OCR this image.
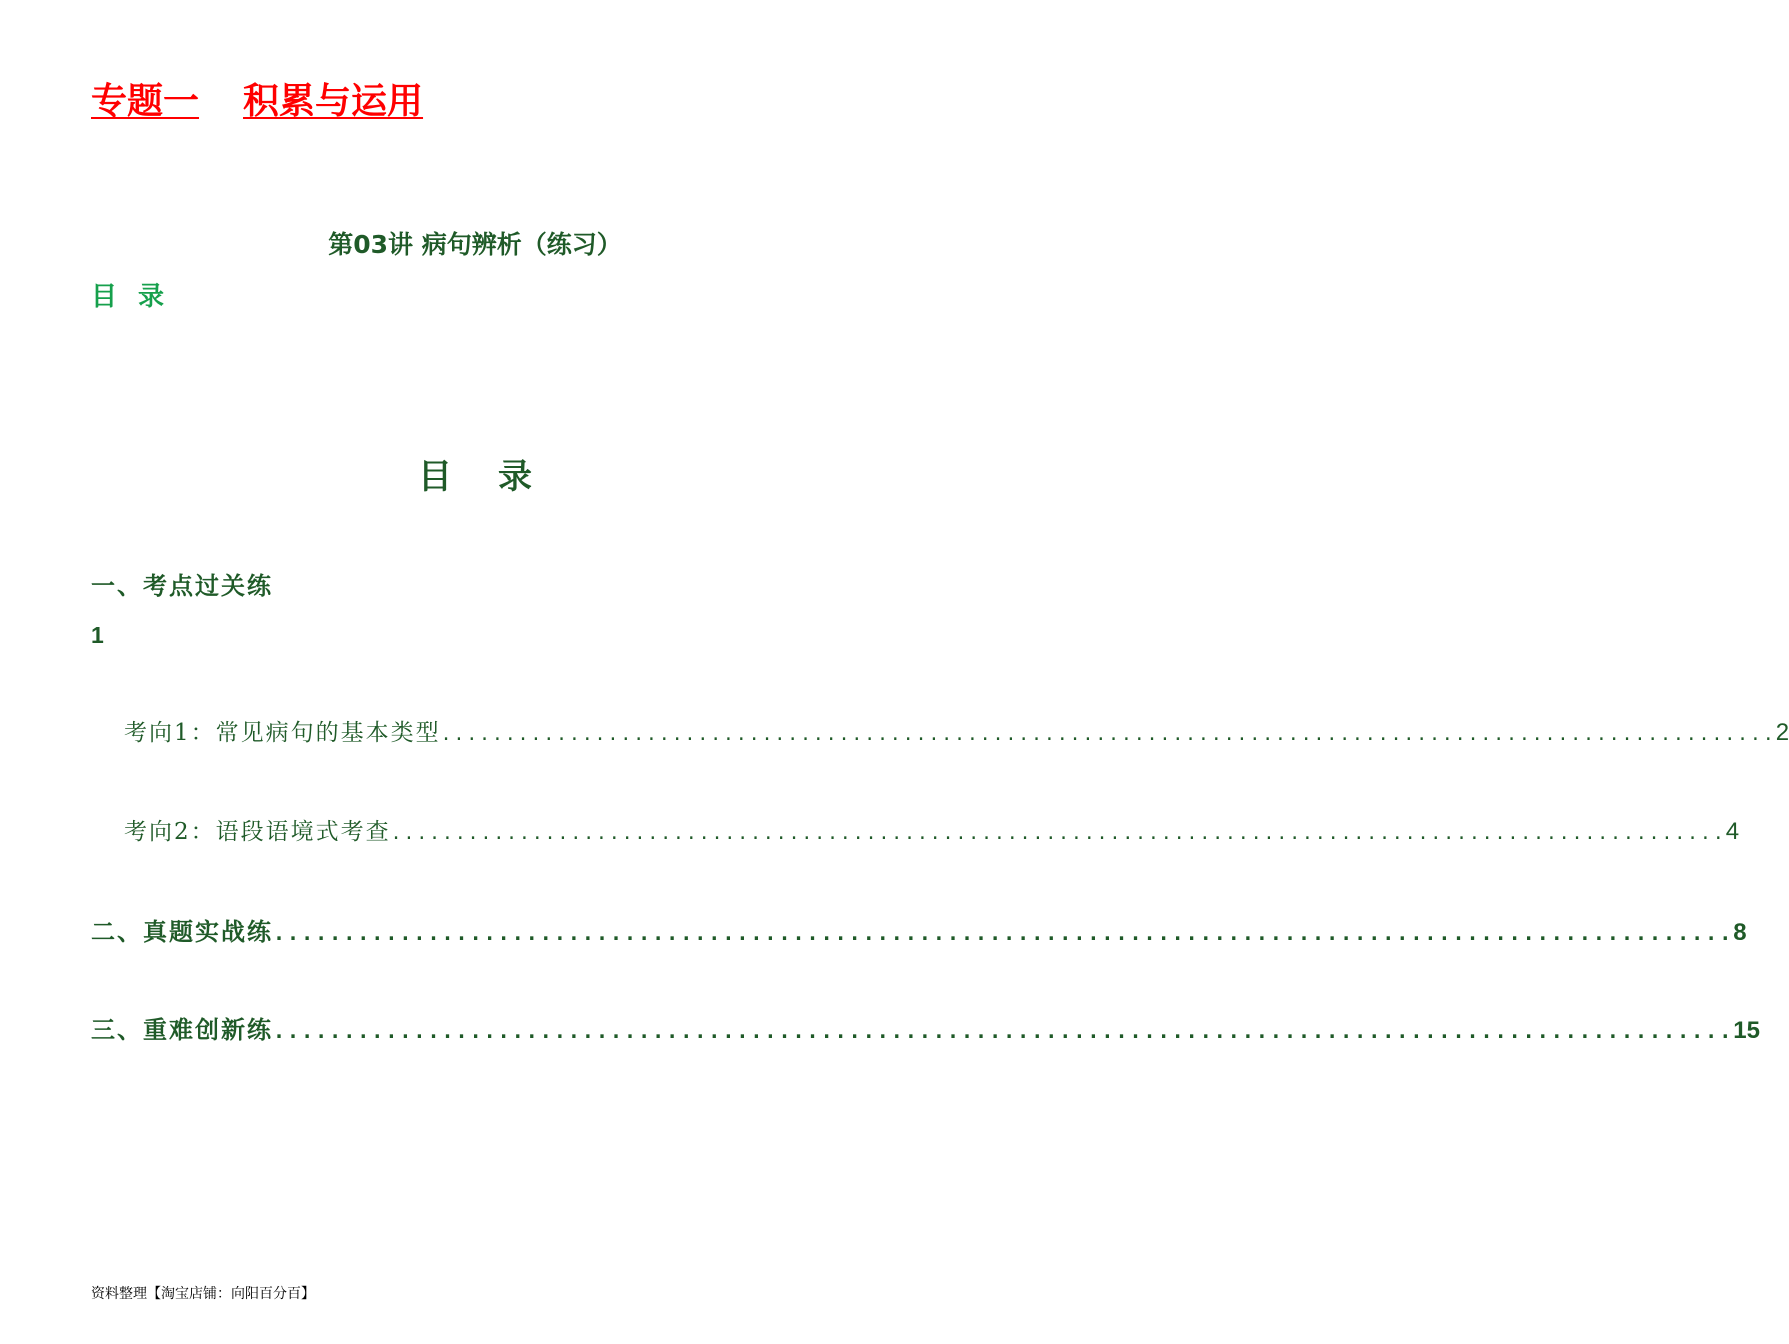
专题一 积累与运用
第03讲 病句辨析（练习）
目 录
目录
一、考点过关练
1
考向1：常见病句的基本类型 ........................................................................................................ 2
考向2：语段语境式考查 ........................................................................................................ 4
二、真题实战练 ........................................................................................................ 8
三、重难创新练 ........................................................................................................ 15
资料整理【淘宝店铺：向阳百分百】
